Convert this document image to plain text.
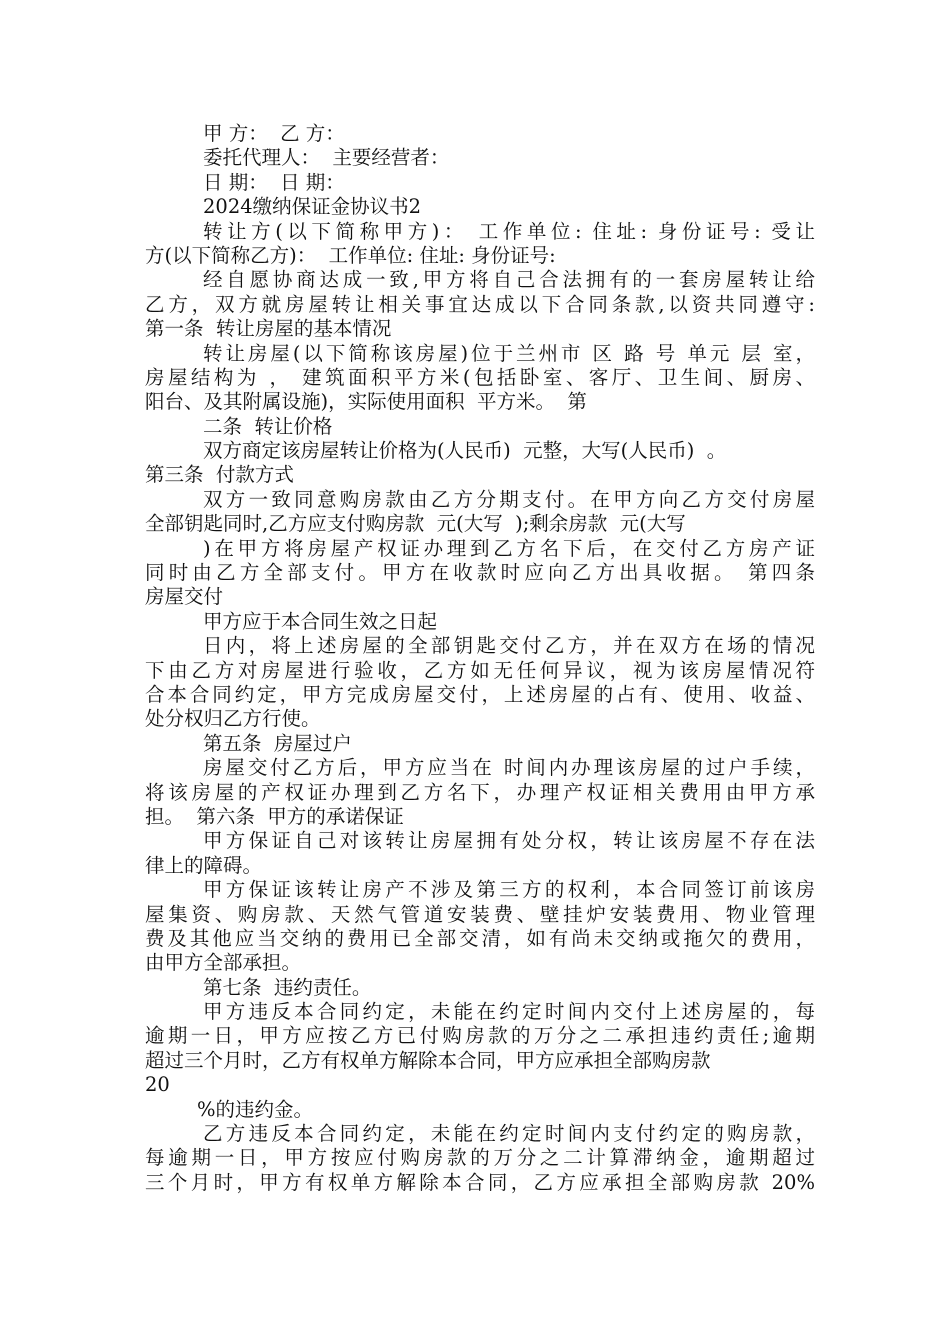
甲 方：  乙 方：
委托代理人：  主要经营者：
日 期：  日 期：
2024缴纳保证金协议书2
转让方(以下简称甲方)： 工作单位: 住址: 身份证号: 受让
方(以下简称乙方)：  工作单位: 住址: 身份证号:
经自愿协商达成一致,甲方将自己合法拥有的一套房屋转让给
乙方，双方就房屋转让相关事宜达成以下合同条款,以资共同遵守:
第一条  转让房屋的基本情况
转让房屋(以下简称该房屋)位于兰州市 区 路 号 单元 层 室，
房屋结构为 ， 建筑面积平方米(包括卧室、客厅、卫生间、厨房、
阳台、及其附属设施)，实际使用面积  平方米。  第
二条  转让价格
双方商定该房屋转让价格为(人民币)  元整，大写(人民币)  。
第三条  付款方式
双方一致同意购房款由乙方分期支付。在甲方向乙方交付房屋
全部钥匙同时,乙方应支付购房款  元(大写  );剩余房款  元(大写
)在甲方将房屋产权证办理到乙方名下后，在交付乙方房产证
同时由乙方全部支付。甲方在收款时应向乙方出具收据。 第四条
房屋交付
甲方应于本合同生效之日起
日内，将上述房屋的全部钥匙交付乙方，并在双方在场的情况
下由乙方对房屋进行验收，乙方如无任何异议，视为该房屋情况符
合本合同约定，甲方完成房屋交付，上述房屋的占有、使用、收益、
处分权归乙方行使。
第五条  房屋过户
房屋交付乙方后，甲方应当在 时间内办理该房屋的过户手续，
将该房屋的产权证办理到乙方名下，办理产权证相关费用由甲方承
担。  第六条  甲方的承诺保证
甲方保证自己对该转让房屋拥有处分权，转让该房屋不存在法
律上的障碍。
甲方保证该转让房产不涉及第三方的权利，本合同签订前该房
屋集资、购房款、天然气管道安装费、壁挂炉安装费用、物业管理
费及其他应当交纳的费用已全部交清，如有尚未交纳或拖欠的费用，
由甲方全部承担。
第七条  违约责任。
甲方违反本合同约定，未能在约定时间内交付上述房屋的，每
逾期一日，甲方应按乙方已付购房款的万分之二承担违约责任;逾期
超过三个月时，乙方有权单方解除本合同，甲方应承担全部购房款
20
%的违约金。
乙方违反本合同约定，未能在约定时间内支付约定的购房款，
每逾期一日，甲方按应付购房款的万分之二计算滞纳金，逾期超过
三个月时，甲方有权单方解除本合同，乙方应承担全部购房款 20%
